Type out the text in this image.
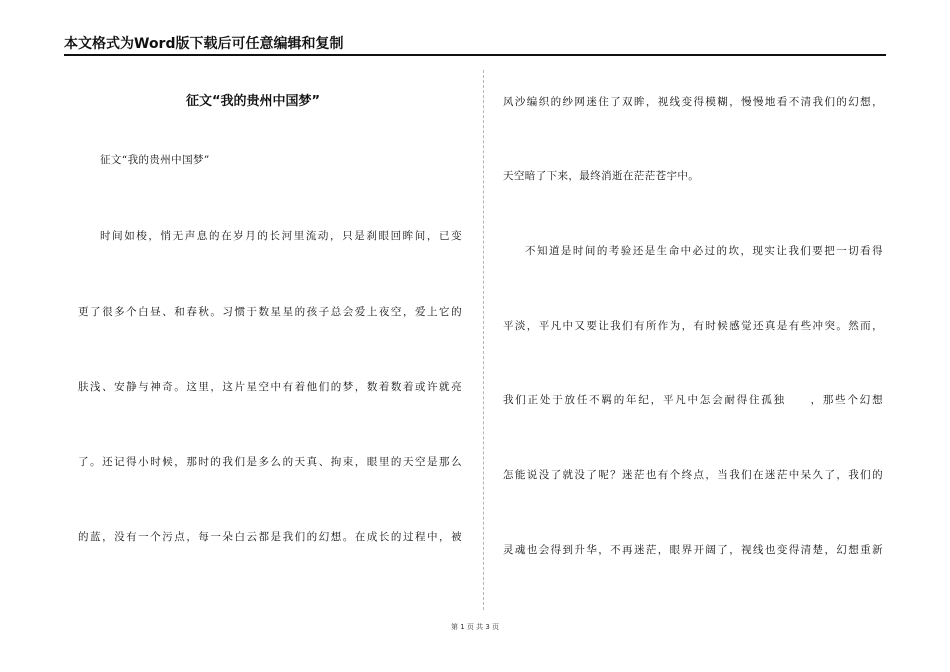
本文格式为Word版下载后可任意编辑和复制
征文“我的贵州中国梦”
征文“我的贵州中国梦”
时间如梭，悄无声息的在岁月的长河里流动，只是刹眼回眸间，已变
更了很多个白昼、和春秋。习惯于数星星的孩子总会爱上夜空，爱上它的
肤浅、安静与神奇。这里，这片星空中有着他们的梦，数着数着或许就亮
了。还记得小时候，那时的我们是多么的天真、拘束，眼里的天空是那么
的蓝，没有一个污点，每一朵白云都是我们的幻想。在成长的过程中，被
风沙编织的纱网迷住了双眸，视线变得模糊，慢慢地看不清我们的幻想，
天空暗了下来，最终消逝在茫茫苍宇中。
不知道是时间的考验还是生命中必过的坎，现实让我们要把一切看得
平淡，平凡中又要让我们有所作为，有时候感觉还真是有些冲突。然而，
我们正处于放任不羁的年纪，平凡中怎会耐得住孤独　　，那些个幻想
怎能说没了就没了呢？迷茫也有个终点，当我们在迷茫中呆久了，我们的
灵魂也会得到升华，不再迷茫，眼界开阔了，视线也变得清楚，幻想重新
第 1 页 共 3 页
